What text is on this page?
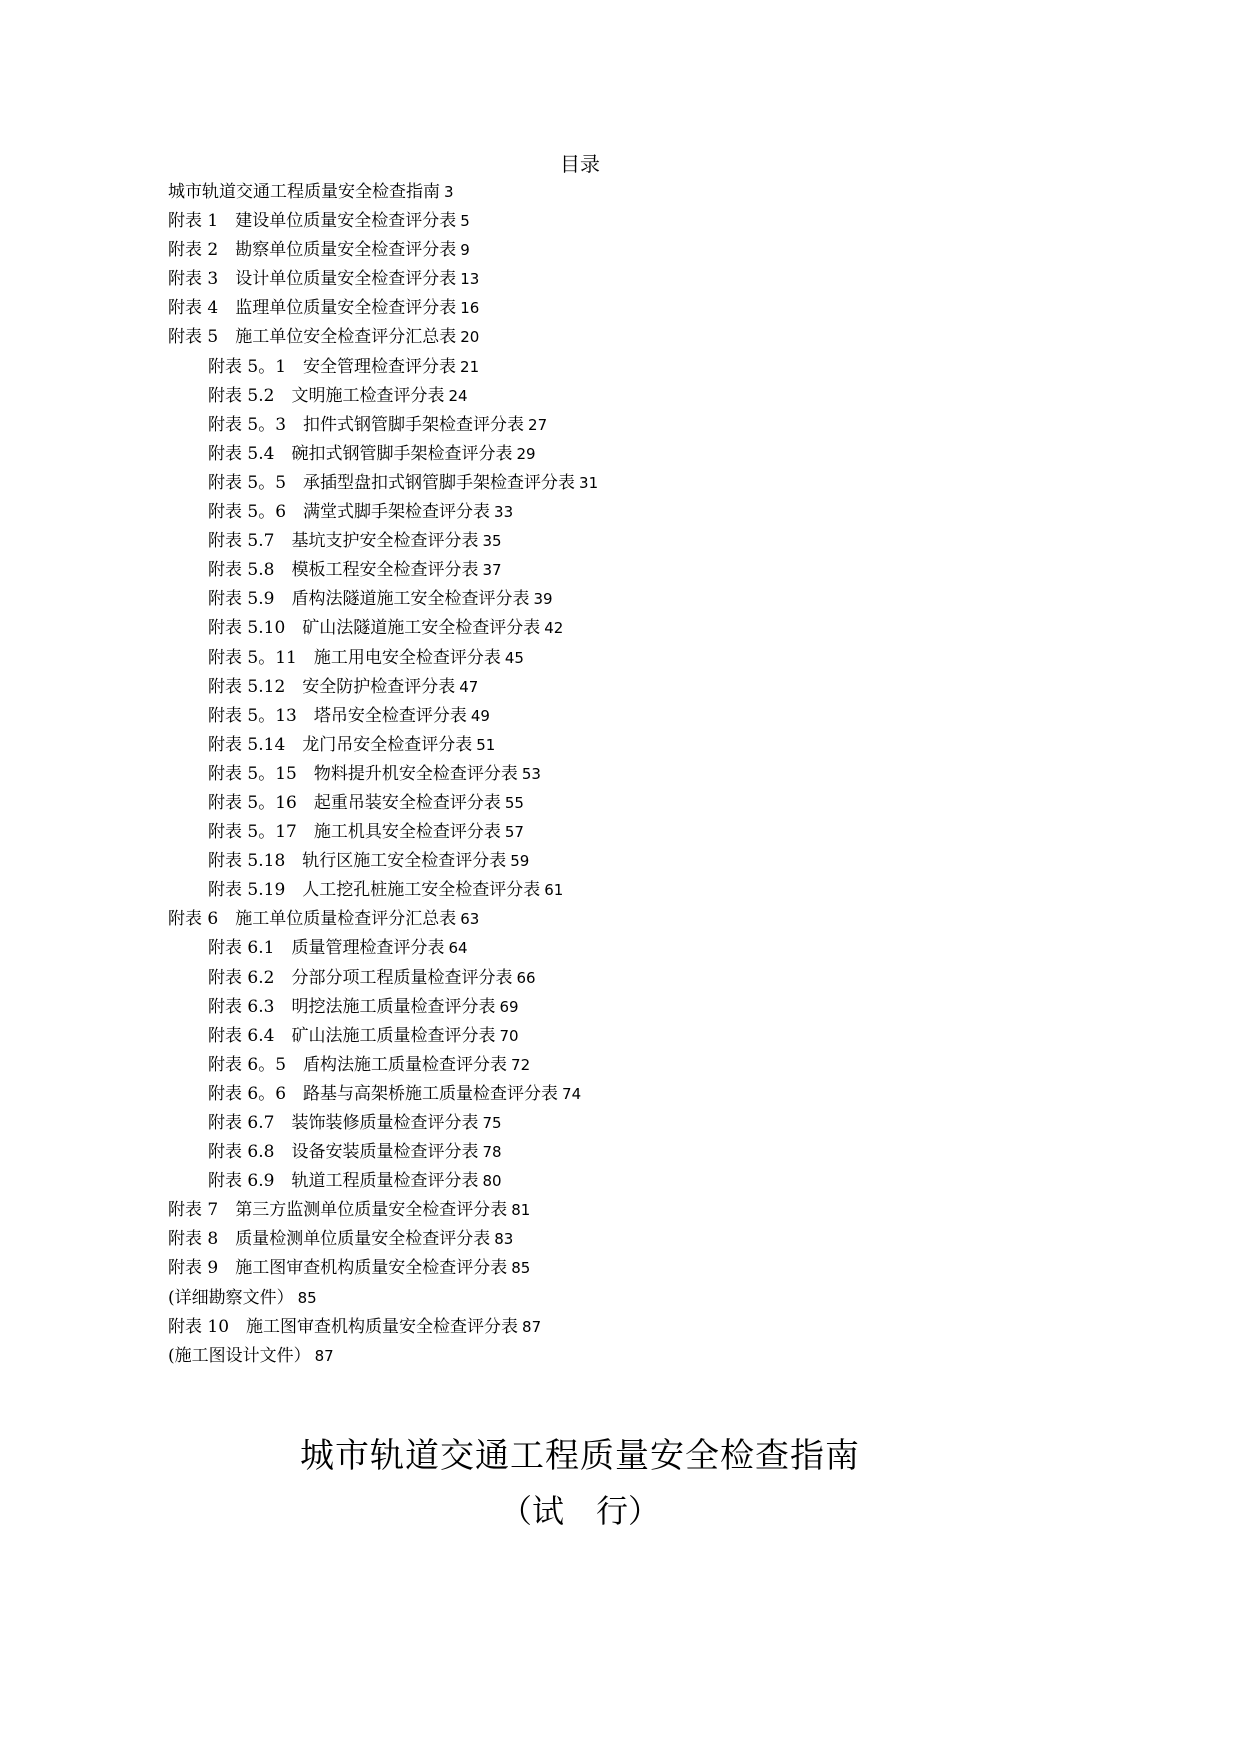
目录
城市轨道交通工程质量安全检查指南 3
附表 1　建设单位质量安全检查评分表 5
附表 2　勘察单位质量安全检查评分表 9
附表 3　设计单位质量安全检查评分表 13
附表 4　监理单位质量安全检查评分表 16
附表 5　施工单位安全检查评分汇总表 20
附表 5。1　安全管理检查评分表 21
附表 5.2　文明施工检查评分表 24
附表 5。3　扣件式钢管脚手架检查评分表 27
附表 5.4　碗扣式钢管脚手架检查评分表 29
附表 5。5　承插型盘扣式钢管脚手架检查评分表 31
附表 5。6　满堂式脚手架检查评分表 33
附表 5.7　基坑支护安全检查评分表 35
附表 5.8　模板工程安全检查评分表 37
附表 5.9　盾构法隧道施工安全检查评分表 39
附表 5.10　矿山法隧道施工安全检查评分表 42
附表 5。11　施工用电安全检查评分表 45
附表 5.12　安全防护检查评分表 47
附表 5。13　塔吊安全检查评分表 49
附表 5.14　龙门吊安全检查评分表 51
附表 5。15　物料提升机安全检查评分表 53
附表 5。16　起重吊装安全检查评分表 55
附表 5。17　施工机具安全检查评分表 57
附表 5.18　轨行区施工安全检查评分表 59
附表 5.19　人工挖孔桩施工安全检查评分表 61
附表 6　施工单位质量检查评分汇总表 63
附表 6.1　质量管理检查评分表 64
附表 6.2　分部分项工程质量检查评分表 66
附表 6.3　明挖法施工质量检查评分表 69
附表 6.4　矿山法施工质量检查评分表 70
附表 6。5　盾构法施工质量检查评分表 72
附表 6。6　路基与高架桥施工质量检查评分表 74
附表 6.7　装饰装修质量检查评分表 75
附表 6.8　设备安装质量检查评分表 78
附表 6.9　轨道工程质量检查评分表 80
附表 7　第三方监测单位质量安全检查评分表 81
附表 8　质量检测单位质量安全检查评分表 83
附表 9　施工图审查机构质量安全检查评分表 85
(详细勘察文件） 85
附表 10　施工图审查机构质量安全检查评分表 87
(施工图设计文件） 87
城市轨道交通工程质量安全检查指南
（试　行）
